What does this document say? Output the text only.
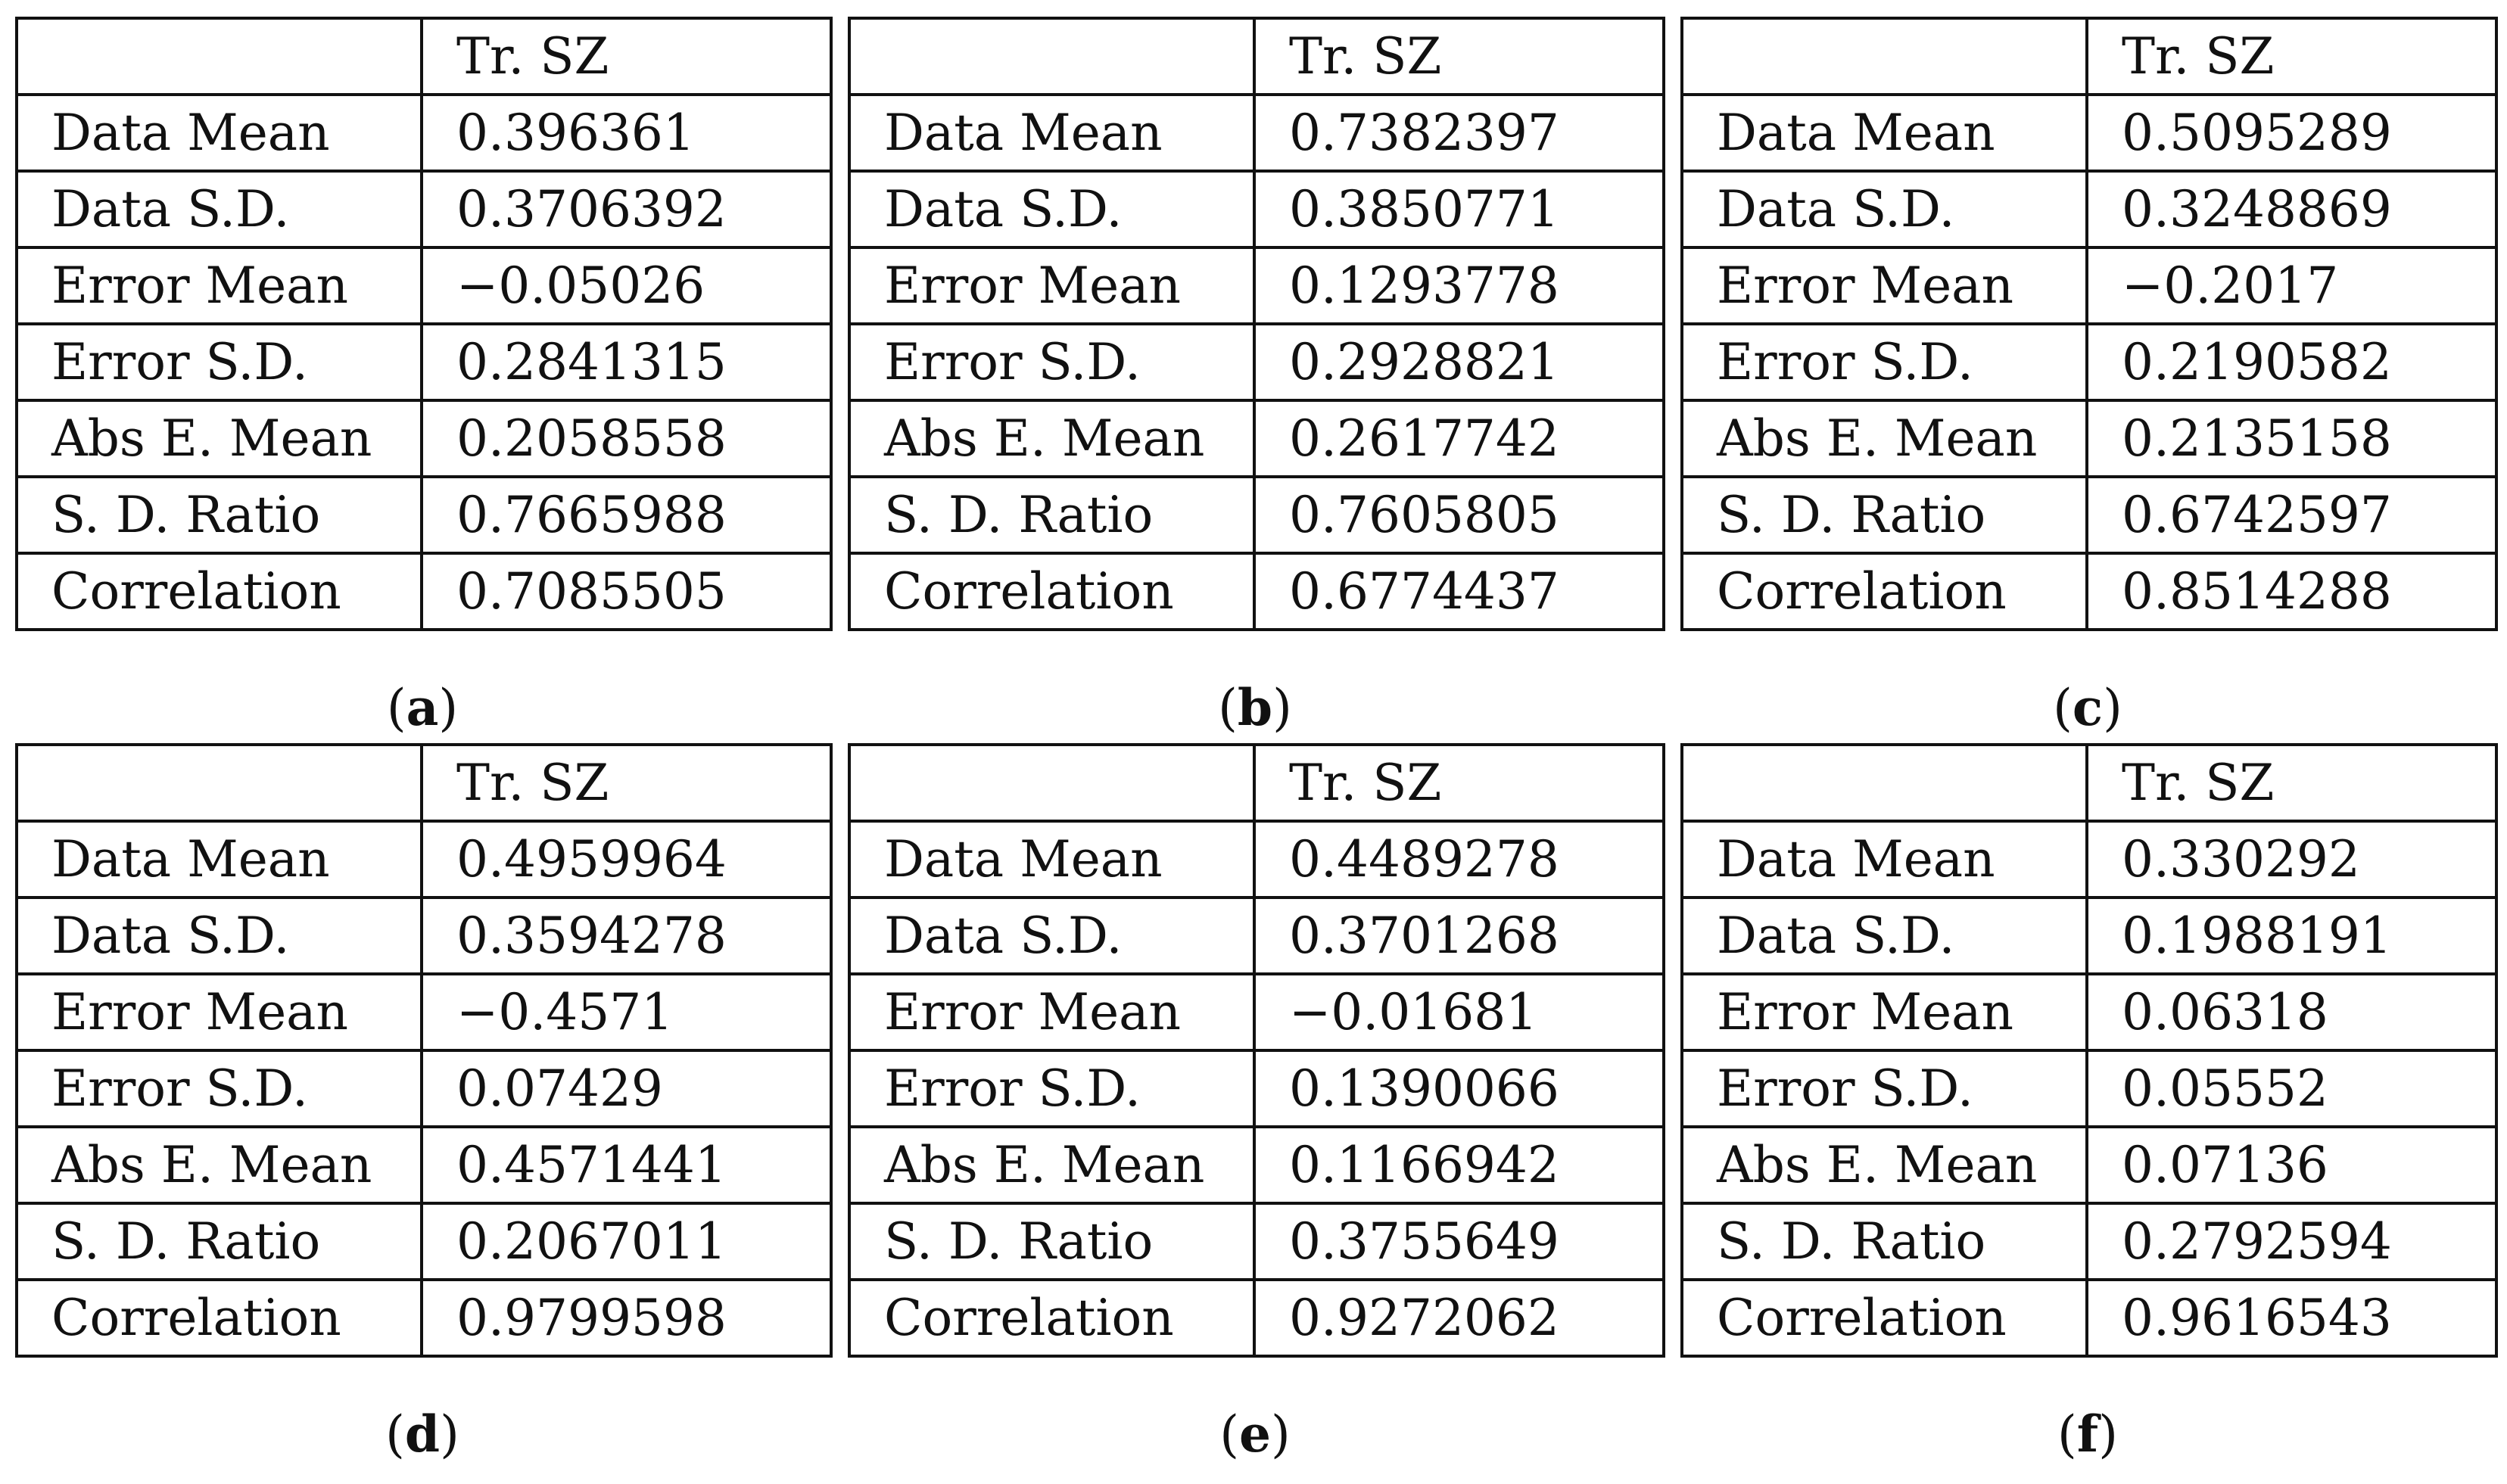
	Tr. SZ
Data Mean	0.396361
Data S.D.	0.3706392
Error Mean	−0.05026
Error S.D.	0.2841315
Abs E. Mean	0.2058558
S. D. Ratio	0.7665988
Correlation	0.7085505
(a)
	Tr. SZ
Data Mean	0.7382397
Data S.D.	0.3850771
Error Mean	0.1293778
Error S.D.	0.2928821
Abs E. Mean	0.2617742
S. D. Ratio	0.7605805
Correlation	0.6774437
(b)
	Tr. SZ
Data Mean	0.5095289
Data S.D.	0.3248869
Error Mean	−0.2017
Error S.D.	0.2190582
Abs E. Mean	0.2135158
S. D. Ratio	0.6742597
Correlation	0.8514288
(c)
	Tr. SZ
Data Mean	0.4959964
Data S.D.	0.3594278
Error Mean	−0.4571
Error S.D.	0.07429
Abs E. Mean	0.4571441
S. D. Ratio	0.2067011
Correlation	0.9799598
(d)
	Tr. SZ
Data Mean	0.4489278
Data S.D.	0.3701268
Error Mean	−0.01681
Error S.D.	0.1390066
Abs E. Mean	0.1166942
S. D. Ratio	0.3755649
Correlation	0.9272062
(e)
	Tr. SZ
Data Mean	0.330292
Data S.D.	0.1988191
Error Mean	0.06318
Error S.D.	0.05552
Abs E. Mean	0.07136
S. D. Ratio	0.2792594
Correlation	0.9616543
(f)
